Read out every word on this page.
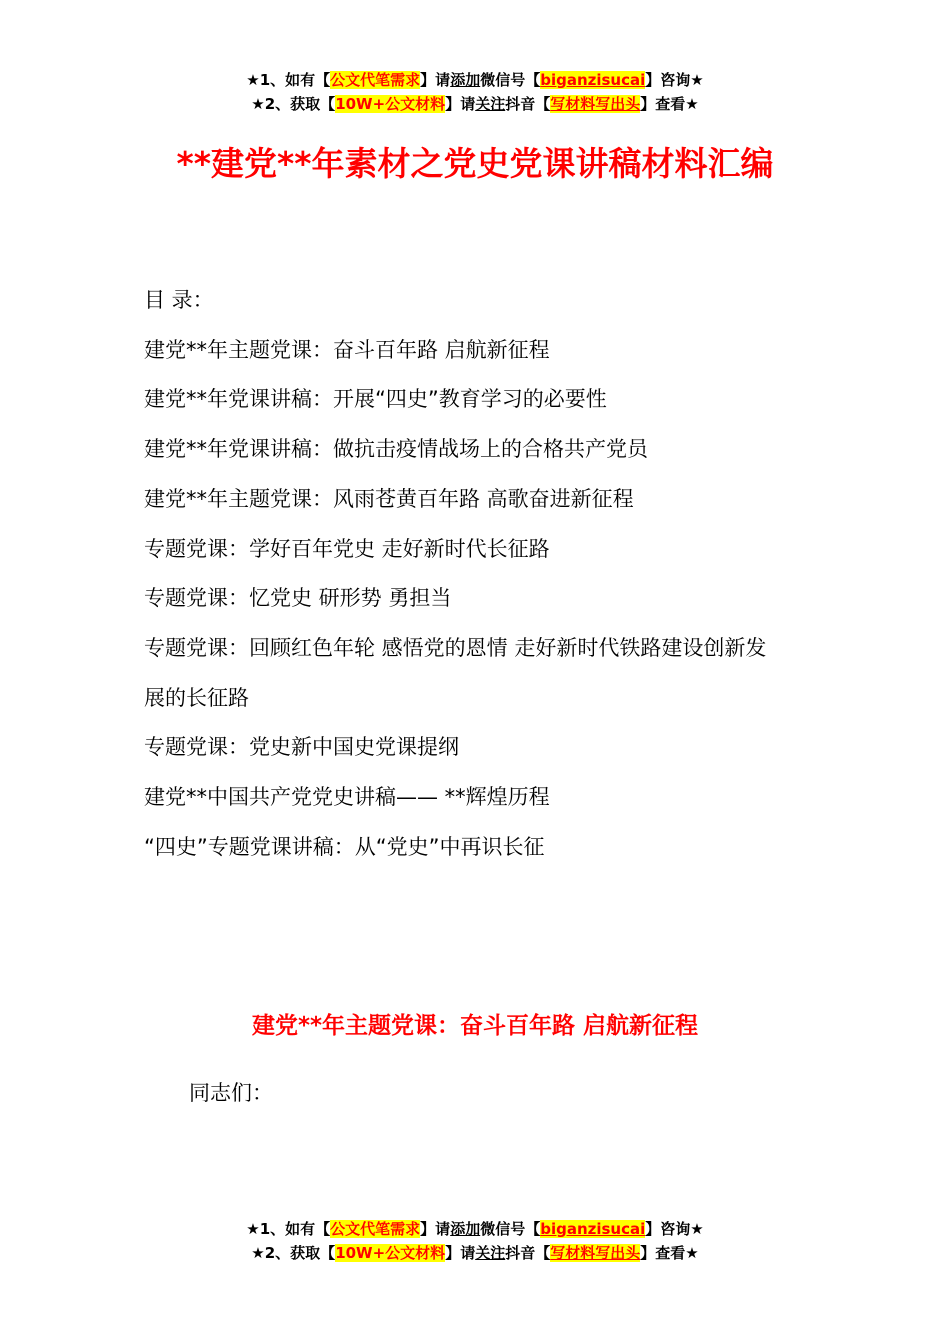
★1、如有【公文代笔需求】请添加微信号【biganzisucai】咨询★
★2、获取【10W+公文材料】请关注抖音【写材料写出头】查看★
**建党**年素材之党史党课讲稿材料汇编
目 录：
建党**年主题党课：奋斗百年路 启航新征程
建党**年党课讲稿：开展“四史”教育学习的必要性
建党**年党课讲稿：做抗击疫情战场上的合格共产党员
建党**年主题党课：风雨苍黄百年路 高歌奋进新征程
专题党课：学好百年党史 走好新时代长征路
专题党课：忆党史 研形势 勇担当
专题党课：回顾红色年轮 感悟党的恩情 走好新时代铁路建设创新发
展的长征路
专题党课：党史新中国史党课提纲
建党**中国共产党党史讲稿—— **辉煌历程
“四史”专题党课讲稿：从“党史”中再识长征
建党**年主题党课：奋斗百年路 启航新征程
同志们：
★1、如有【公文代笔需求】请添加微信号【biganzisucai】咨询★
★2、获取【10W+公文材料】请关注抖音【写材料写出头】查看★
